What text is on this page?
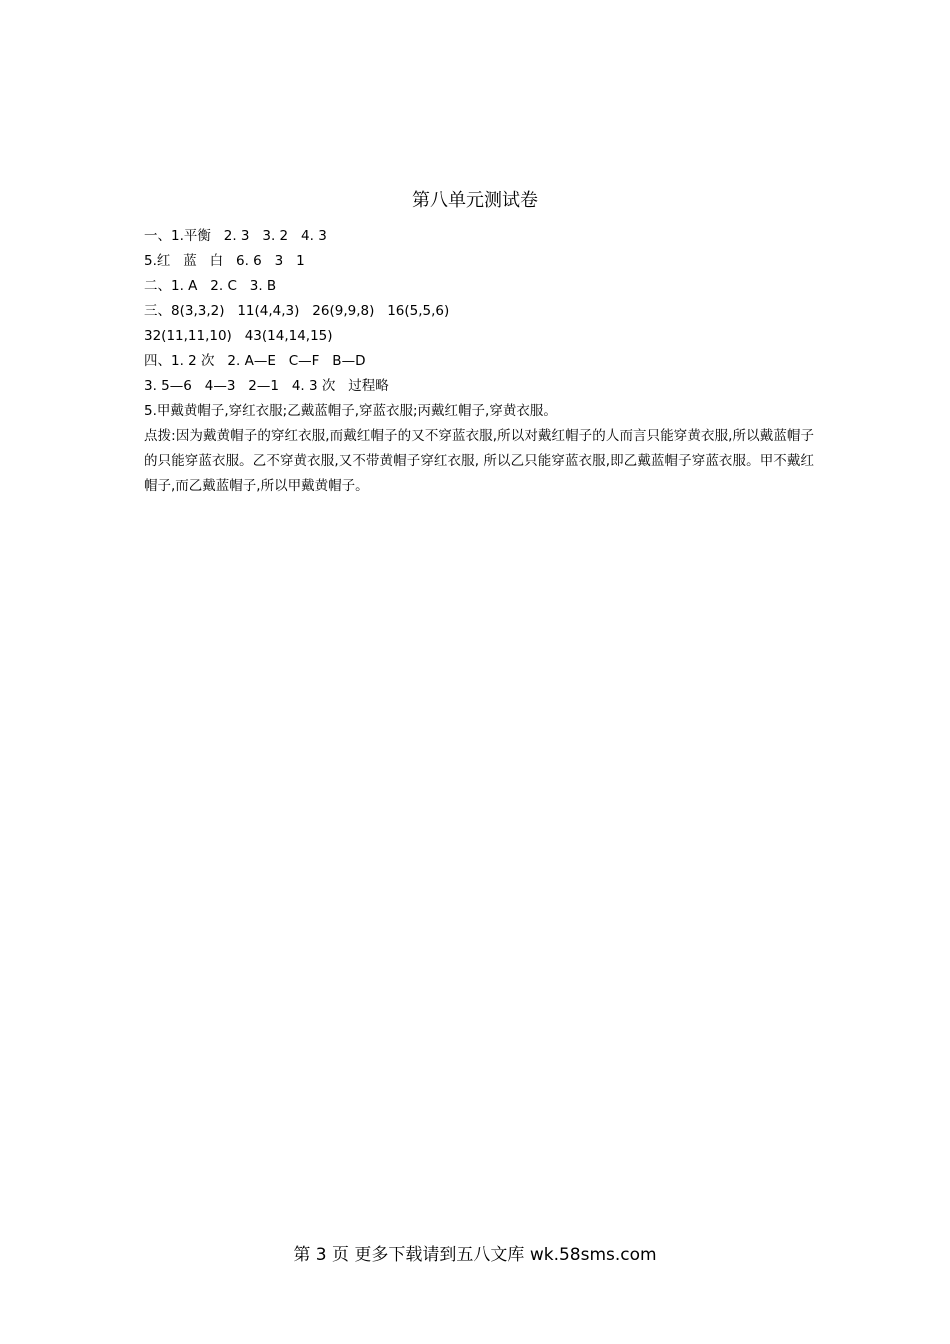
第八单元测试卷
一、1.平衡   2. 3   3. 2   4. 3
5.红   蓝   白   6. 6   3   1
二、1. A   2. C   3. B
三、8(3,3,2)   11(4,4,3)   26(9,9,8)   16(5,5,6)
32(11,11,10)   43(14,14,15)
四、1. 2 次   2. A—E   C—F   B—D
3. 5—6   4—3   2—1   4. 3 次   过程略
5.甲戴黄帽子,穿红衣服;乙戴蓝帽子,穿蓝衣服;丙戴红帽子,穿黄衣服。
点拨:因为戴黄帽子的穿红衣服,而戴红帽子的又不穿蓝衣服,所以对戴红帽子的人而言只能穿黄衣服,所以戴蓝帽子的只能穿蓝衣服。乙不穿黄衣服,又不带黄帽子穿红衣服, 所以乙只能穿蓝衣服,即乙戴蓝帽子穿蓝衣服。甲不戴红帽子,而乙戴蓝帽子,所以甲戴黄帽子。
第 3 页 更多下载请到五八文库 wk.58sms.com
